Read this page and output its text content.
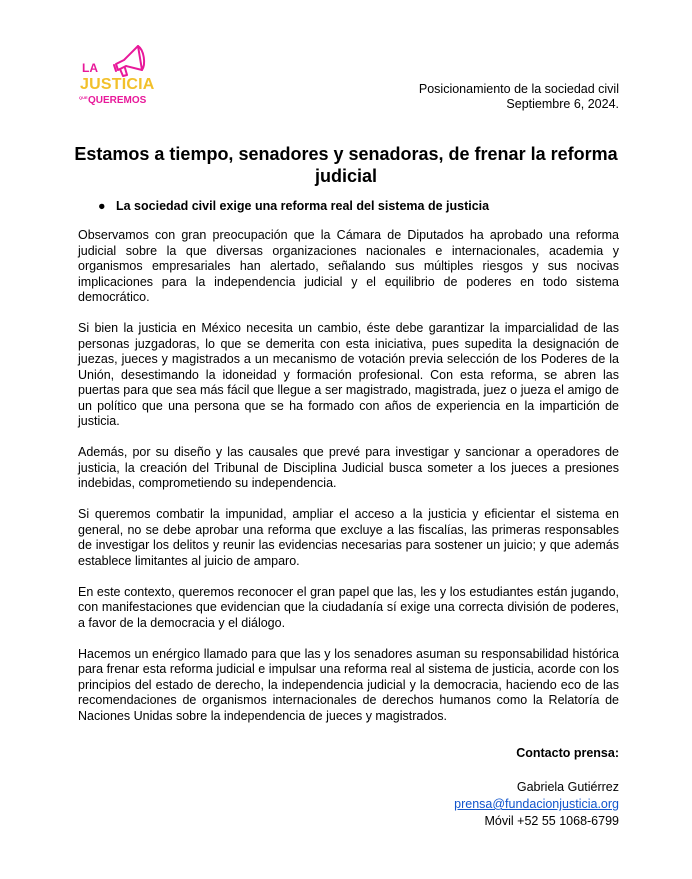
LA
JUSTICIA
QUE QUEREMOS
Posicionamiento de la sociedad civil
Septiembre 6, 2024.
Estamos a tiempo, senadores y senadoras, de frenar la reforma judicial
● La sociedad civil exige una reforma real del sistema de justicia

Observamos con gran preocupación que la Cámara de Diputados ha aprobado una reforma judicial sobre la que diversas organizaciones nacionales e internacionales, academia y organismos empresariales han alertado, señalando sus múltiples riesgos y sus nocivas implicaciones para la independencia judicial y el equilibrio de poderes en todo sistema democrático.

Si bien la justicia en México necesita un cambio, éste debe garantizar la imparcialidad de las personas juzgadoras, lo que se demerita con esta iniciativa, pues supedita la designación de juezas, jueces y magistrados a un mecanismo de votación previa selección de los Poderes de la Unión, desestimando la idoneidad y formación profesional. Con esta reforma, se abren las puertas para que sea más fácil que llegue a ser magistrado, magistrada, juez o jueza el amigo de un político que una persona que se ha formado con años de experiencia en la impartición de justicia.

Además, por su diseño y las causales que prevé para investigar y sancionar a operadores de justicia, la creación del Tribunal de Disciplina Judicial busca someter a los jueces a presiones indebidas, comprometiendo su independencia.

Si queremos combatir la impunidad, ampliar el acceso a la justicia y eficientar el sistema en general, no se debe aprobar una reforma que excluye a las fiscalías, las primeras responsables de investigar los delitos y reunir las evidencias necesarias para sostener un juicio; y que además establece limitantes al juicio de amparo.

En este contexto, queremos reconocer el gran papel que las, les y los estudiantes están jugando, con manifestaciones que evidencian que la ciudadanía sí exige una correcta división de poderes, a favor de la democracia y el diálogo.

Hacemos un enérgico llamado para que las y los senadores asuman su responsabilidad histórica para frenar esta reforma judicial e impulsar una reforma real al sistema de justicia, acorde con los principios del estado de derecho, la independencia judicial y la democracia, haciendo eco de las recomendaciones de organismos internacionales de derechos humanos como la Relatoría de Naciones Unidas sobre la independencia de jueces y magistrados.

Contacto prensa:
Gabriela Gutiérrez
prensa@fundacionjusticia.org
Móvil +52 55 1068-6799
